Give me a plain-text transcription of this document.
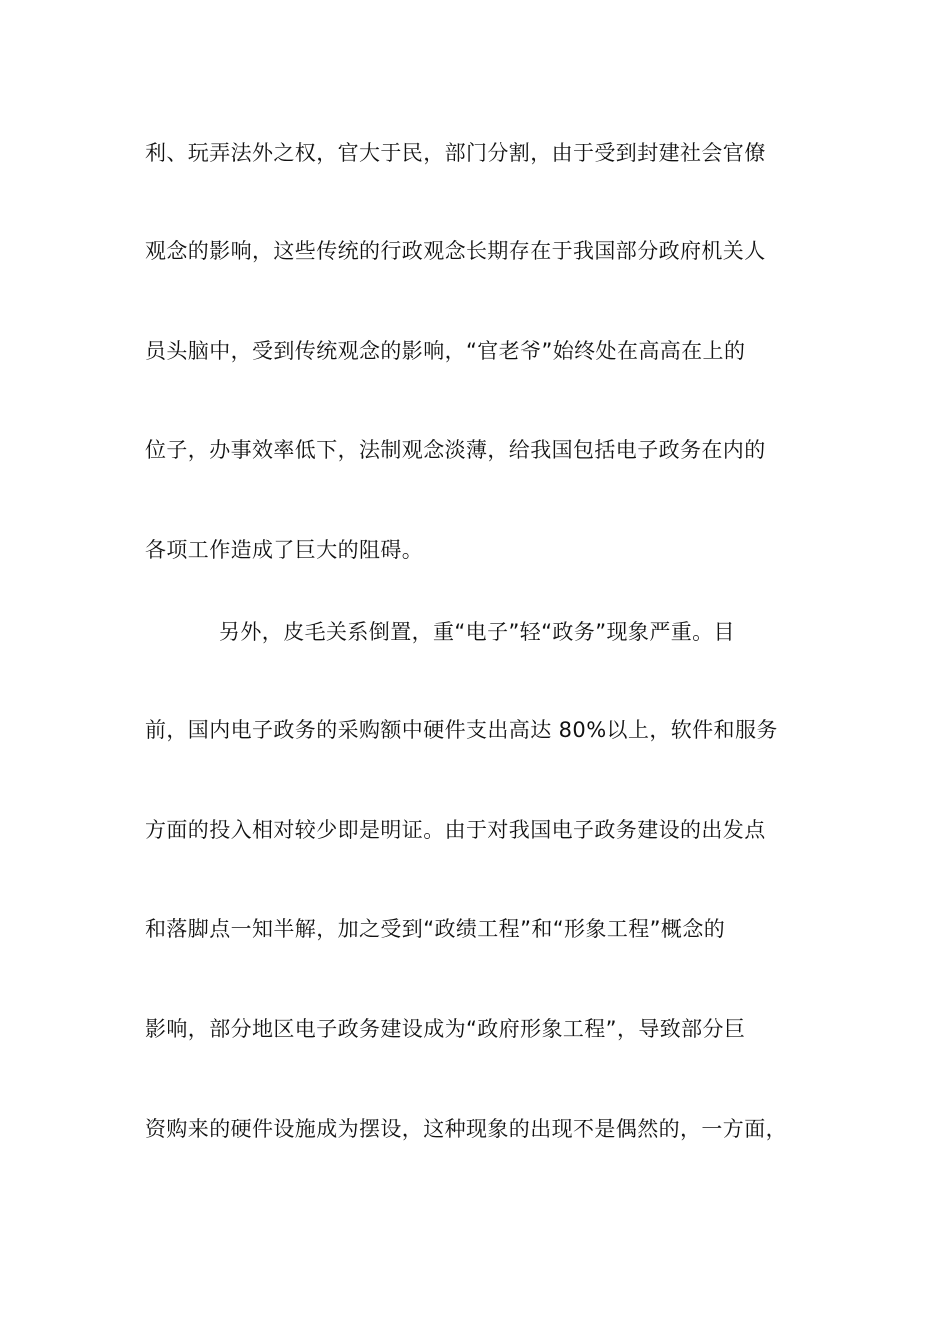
利、玩弄法外之权，官大于民，部门分割，由于受到封建社会官僚
观念的影响，这些传统的行政观念长期存在于我国部分政府机关人
员头脑中，受到传统观念的影响，“官老爷”始终处在高高在上的
位子，办事效率低下，法制观念淡薄，给我国包括电子政务在内的
各项工作造成了巨大的阻碍。
另外，皮毛关系倒置，重“电子”轻“政务”现象严重。目
前，国内电子政务的采购额中硬件支出高达 80%以上，软件和服务
方面的投入相对较少即是明证。由于对我国电子政务建设的出发点
和落脚点一知半解，加之受到“政绩工程”和“形象工程”概念的
影响，部分地区电子政务建设成为“政府形象工程”，导致部分巨
资购来的硬件设施成为摆设，这种现象的出现不是偶然的，一方面，
